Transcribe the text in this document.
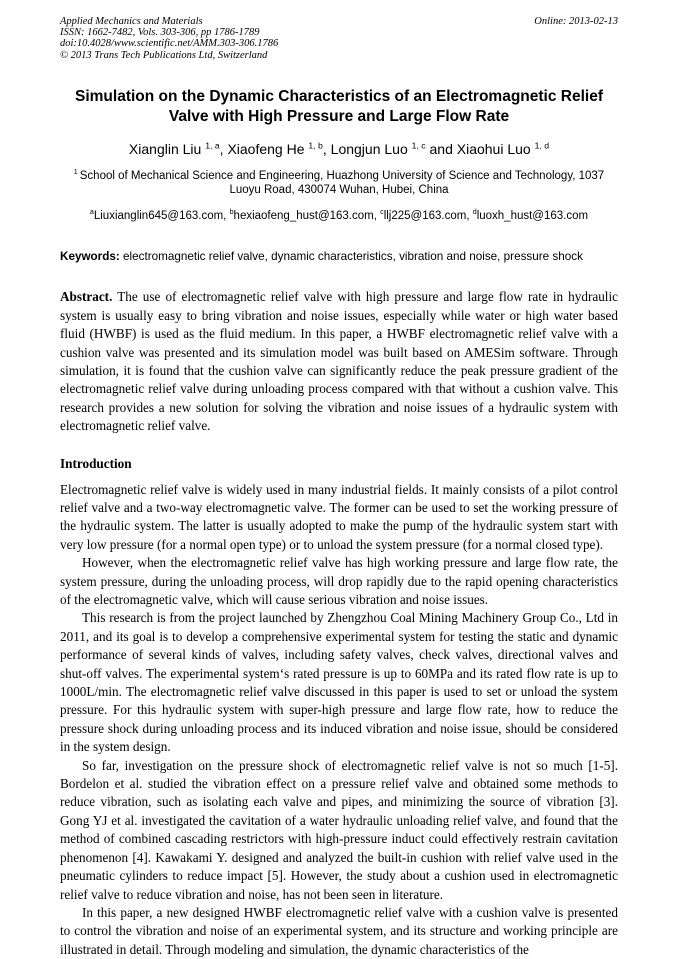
Applied Mechanics and Materials
ISSN: 1662-7482, Vols. 303-306, pp 1786-1789
doi:10.4028/www.scientific.net/AMM.303-306.1786
© 2013 Trans Tech Publications Ltd, Switzerland
Online: 2013-02-13
Simulation on the Dynamic Characteristics of an Electromagnetic Relief Valve with High Pressure and Large Flow Rate
Xianglin Liu $^{1, a}$, Xiaofeng He $^{1, b}$, Longjun Luo $^{1, c}$ and Xiaohui Luo $^{1, d}$
$^1$ School of Mechanical Science and Engineering, Huazhong University of Science and Technology, 1037 Luoyu Road, 430074 Wuhan, Hubei, China
$^a$Liuxianglin645@163.com, $^b$hexiaofeng_hust@163.com, $^c$llj225@163.com, $^d$luoxh_hust@163.com
Keywords: electromagnetic relief valve, dynamic characteristics, vibration and noise, pressure shock
Abstract. The use of electromagnetic relief valve with high pressure and large flow rate in hydraulic system is usually easy to bring vibration and noise issues, especially while water or high water based fluid (HWBF) is used as the fluid medium. In this paper, a HWBF electromagnetic relief valve with a cushion valve was presented and its simulation model was built based on AMESim software. Through simulation, it is found that the cushion valve can significantly reduce the peak pressure gradient of the electromagnetic relief valve during unloading process compared with that without a cushion valve. This research provides a new solution for solving the vibration and noise issues of a hydraulic system with electromagnetic relief valve.
Introduction

Electromagnetic relief valve is widely used in many industrial fields. It mainly consists of a pilot control relief valve and a two-way electromagnetic valve. The former can be used to set the working pressure of the hydraulic system. The latter is usually adopted to make the pump of the hydraulic system start with very low pressure (for a normal open type) or to unload the system pressure (for a normal closed type).

However, when the electromagnetic relief valve has high working pressure and large flow rate, the system pressure, during the unloading process, will drop rapidly due to the rapid opening characteristics of the electromagnetic valve, which will cause serious vibration and noise issues.

This research is from the project launched by Zhengzhou Coal Mining Machinery Group Co., Ltd in 2011, and its goal is to develop a comprehensive experimental system for testing the static and dynamic performance of several kinds of valves, including safety valves, check valves, directional valves and shut-off valves. The experimental system‘s rated pressure is up to 60MPa and its rated flow rate is up to 1000L/min. The electromagnetic relief valve discussed in this paper is used to set or unload the system pressure. For this hydraulic system with super-high pressure and large flow rate, how to reduce the pressure shock during unloading process and its induced vibration and noise issue, should be considered in the system design.

So far, investigation on the pressure shock of electromagnetic relief valve is not so much [1-5]. Bordelon et al. studied the vibration effect on a pressure relief valve and obtained some methods to reduce vibration, such as isolating each valve and pipes, and minimizing the source of vibration [3]. Gong YJ et al. investigated the cavitation of a water hydraulic unloading relief valve, and found that the method of combined cascading restrictors with high-pressure induct could effectively restrain cavitation phenomenon [4]. Kawakami Y. designed and analyzed the built-in cushion with relief valve used in the pneumatic cylinders to reduce impact [5]. However, the study about a cushion used in electromagnetic relief valve to reduce vibration and noise, has not been seen in literature.

In this paper, a new designed HWBF electromagnetic relief valve with a cushion valve is presented to control the vibration and noise of an experimental system, and its structure and working principle are illustrated in detail. Through modeling and simulation, the dynamic characteristics of the
